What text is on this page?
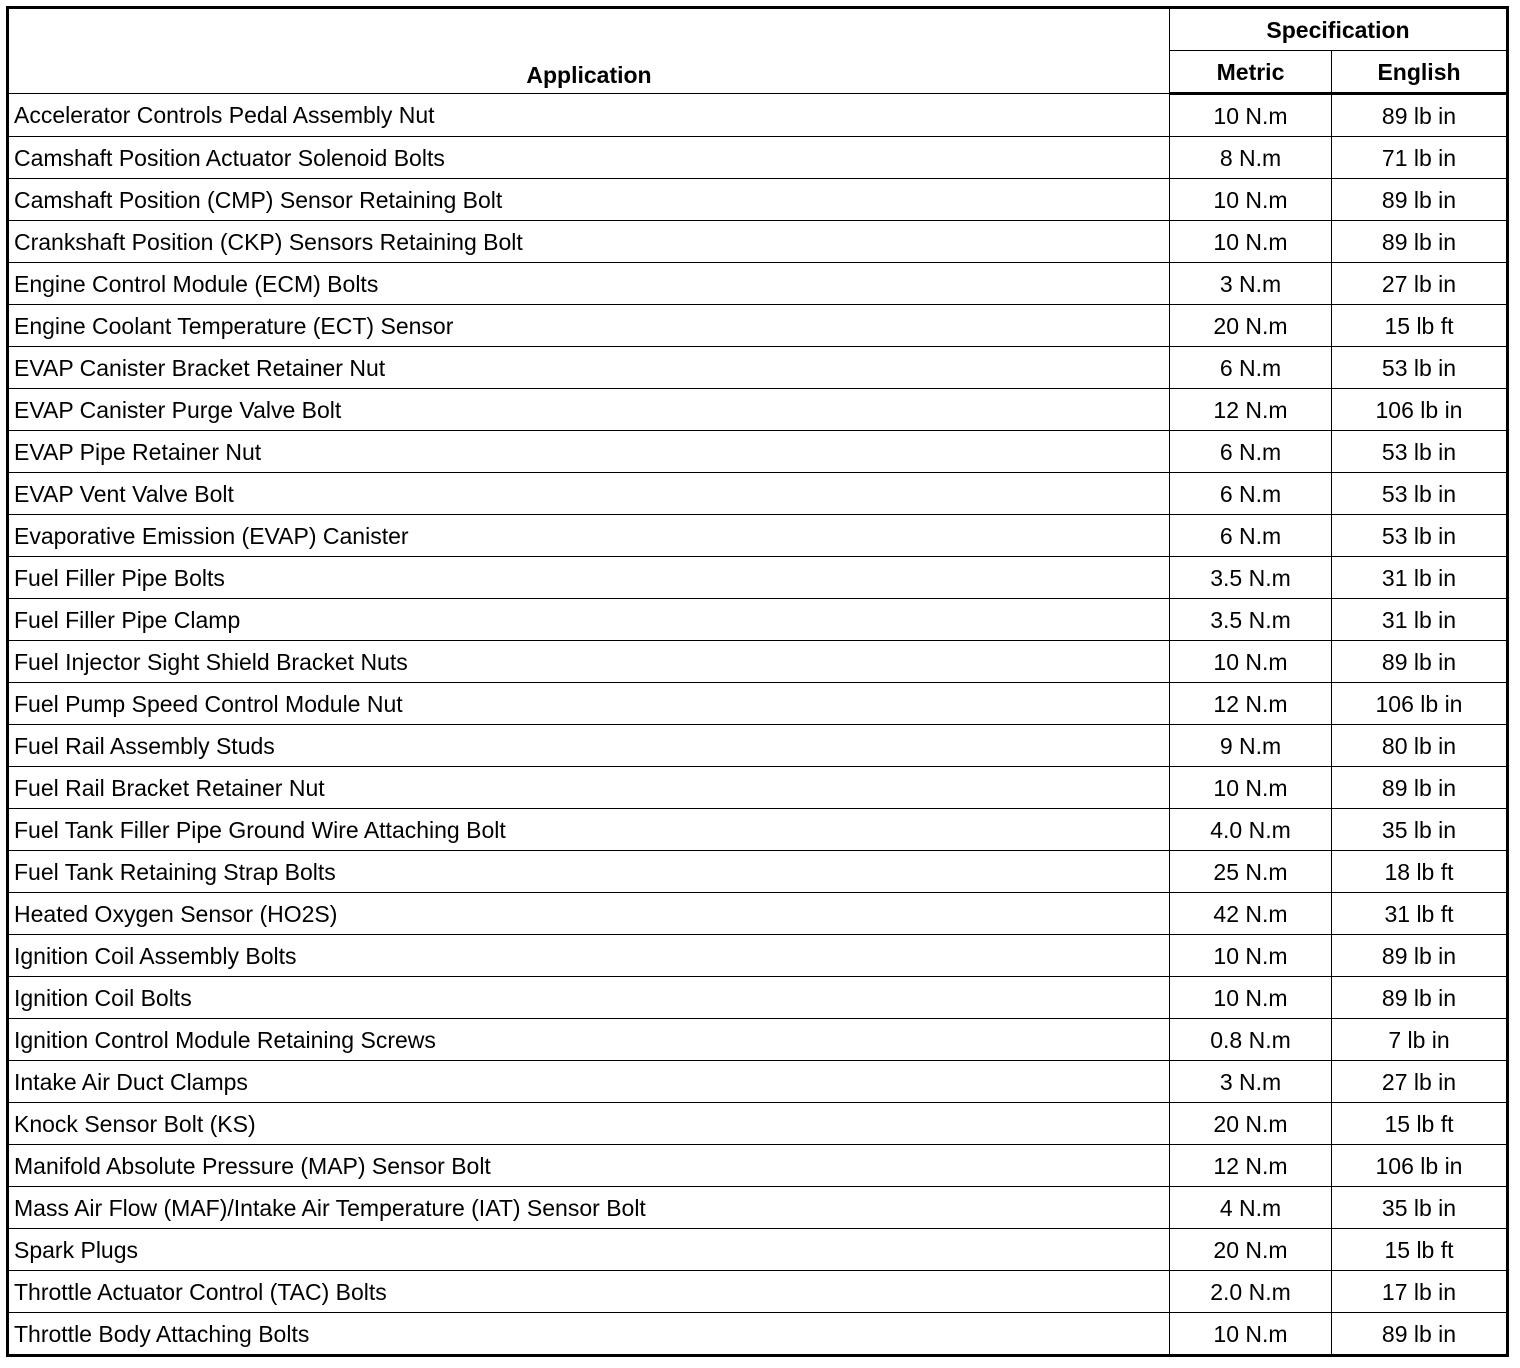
Application	Specification	
	Metric	English
Accelerator Controls Pedal Assembly Nut	10 N.m	89 lb in
Camshaft Position Actuator Solenoid Bolts	8 N.m	71 lb in
Camshaft Position (CMP) Sensor Retaining Bolt	10 N.m	89 lb in
Crankshaft Position (CKP) Sensors Retaining Bolt	10 N.m	89 lb in
Engine Control Module (ECM) Bolts	3 N.m	27 lb in
Engine Coolant Temperature (ECT) Sensor	20 N.m	15 lb ft
EVAP Canister Bracket Retainer Nut	6 N.m	53 lb in
EVAP Canister Purge Valve Bolt	12 N.m	106 lb in
EVAP Pipe Retainer Nut	6 N.m	53 lb in
EVAP Vent Valve Bolt	6 N.m	53 lb in
Evaporative Emission (EVAP) Canister	6 N.m	53 lb in
Fuel Filler Pipe Bolts	3.5 N.m	31 lb in
Fuel Filler Pipe Clamp	3.5 N.m	31 lb in
Fuel Injector Sight Shield Bracket Nuts	10 N.m	89 lb in
Fuel Pump Speed Control Module Nut	12 N.m	106 lb in
Fuel Rail Assembly Studs	9 N.m	80 lb in
Fuel Rail Bracket Retainer Nut	10 N.m	89 lb in
Fuel Tank Filler Pipe Ground Wire Attaching Bolt	4.0 N.m	35 lb in
Fuel Tank Retaining Strap Bolts	25 N.m	18 lb ft
Heated Oxygen Sensor (HO2S)	42 N.m	31 lb ft
Ignition Coil Assembly Bolts	10 N.m	89 lb in
Ignition Coil Bolts	10 N.m	89 lb in
Ignition Control Module Retaining Screws	0.8 N.m	7 lb in
Intake Air Duct Clamps	3 N.m	27 lb in
Knock Sensor Bolt (KS)	20 N.m	15 lb ft
Manifold Absolute Pressure (MAP) Sensor Bolt	12 N.m	106 lb in
Mass Air Flow (MAF)/Intake Air Temperature (IAT) Sensor Bolt	4 N.m	35 lb in
Spark Plugs	20 N.m	15 lb ft
Throttle Actuator Control (TAC) Bolts	2.0 N.m	17 lb in
Throttle Body Attaching Bolts	10 N.m	89 lb in
